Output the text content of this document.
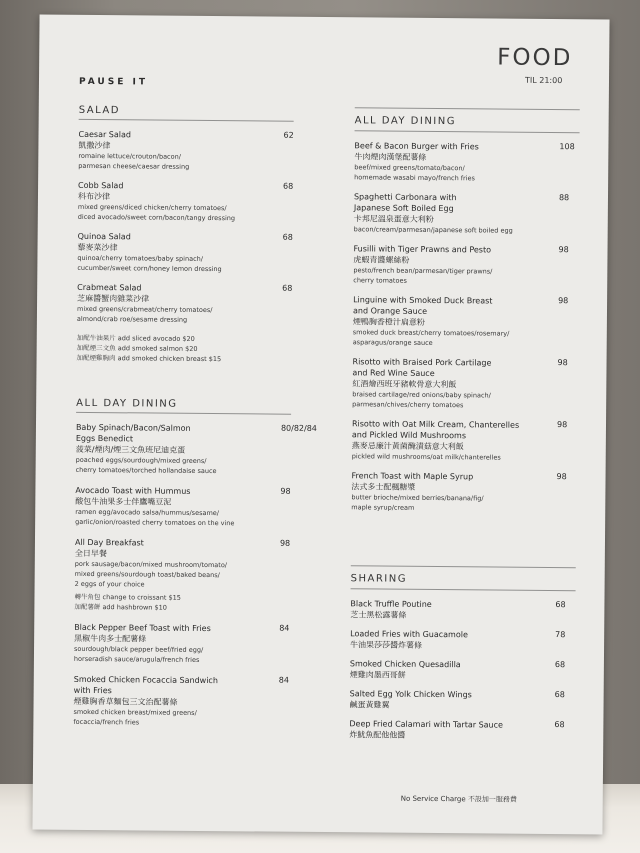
PAUSE IT
FOOD
TIL 21:00
SALAD
Caesar Salad
凱撒沙律
romaine lettuce/crouton/bacon/
parmesan cheese/caesar dressing
62
Cobb Salad
科布沙律
mixed greens/diced chicken/cherry tomatoes/
diced avocado/sweet corn/bacon/tangy dressing
68
Quinoa Salad
藜麥菜沙律
quinoa/cherry tomatoes/baby spinach/
cucumber/sweet corn/honey lemon dressing
68
Crabmeat Salad
芝麻醬蟹肉雜菜沙律
mixed greens/crabmeat/cherry tomatoes/
almond/crab roe/sesame dressing
68
加配牛油果片 add sliced avocado $20
加配煙三文魚 add smoked salmon $20
加配煙雞胸肉 add smoked chicken breast $15
ALL DAY DINING
Baby Spinach/Bacon/Salmon
Eggs Benedict
菠菜/煙肉/煙三文魚班尼迪克蛋
poached eggs/sourdough/mixed greens/
cherry tomatoes/torched hollandaise sauce
80/82/84
Avocado Toast with Hummus
酸包牛油果多士伴鷹嘴豆泥
ramen egg/avocado salsa/hummus/sesame/
garlic/onion/roasted cherry tomatoes on the vine
98
All Day Breakfast
全日早餐
pork sausage/bacon/mixed mushroom/tomato/
mixed greens/sourdough toast/baked beans/
2 eggs of your choice
轉牛角包 change to croissant $15
加配薯餅 add hashbrown $10
98
Black Pepper Beef Toast with Fries
黑椒牛肉多士配薯條
sourdough/black pepper beef/fried egg/
horseradish sauce/arugula/french fries
84
Smoked Chicken Focaccia Sandwich
with Fries
煙雞胸香草麵包三文治配薯條
smoked chicken breast/mixed greens/
focaccia/french fries
84
ALL DAY DINING
Beef & Bacon Burger with Fries
牛肉煙肉漢堡配薯條
beef/mixed greens/tomato/bacon/
homemade wasabi mayo/french fries
108
Spaghetti Carbonara with
Japanese Soft Boiled Egg
卡邦尼溫泉蛋意大利粉
bacon/cream/parmesan/japanese soft boiled egg
88
Fusilli with Tiger Prawns and Pesto
虎蝦青醬螺絲粉
pesto/french bean/parmesan/tiger prawns/
cherry tomatoes
98
Linguine with Smoked Duck Breast
and Orange Sauce
煙鴨胸香橙汁扁意粉
smoked duck breast/cherry tomatoes/rosemary/
asparagus/orange sauce
98
Risotto with Braised Pork Cartilage
and Red Wine Sauce
紅酒燴西班牙豬軟骨意大利飯
braised cartilage/red onions/baby spinach/
parmesan/chives/cherry tomatoes
98
Risotto with Oat Milk Cream, Chanterelles
and Pickled Wild Mushrooms
燕麥忌廉汁黃菌醃漬菇意大利飯
pickled wild mushrooms/oat milk/chanterelles
98
French Toast with Maple Syrup
法式多士配楓糖漿
butter brioche/mixed berries/banana/fig/
maple syrup/cream
98
SHARING
Black Truffle Poutine
芝士黑松露薯條
68
Loaded Fries with Guacamole
牛油果莎莎醬炸薯條
78
Smoked Chicken Quesadilla
煙雞肉墨西哥餅
68
Salted Egg Yolk Chicken Wings
鹹蛋黃雞翼
68
Deep Fried Calamari with Tartar Sauce
炸魷魚配他他醬
68
No Service Charge 不設加一服務費
